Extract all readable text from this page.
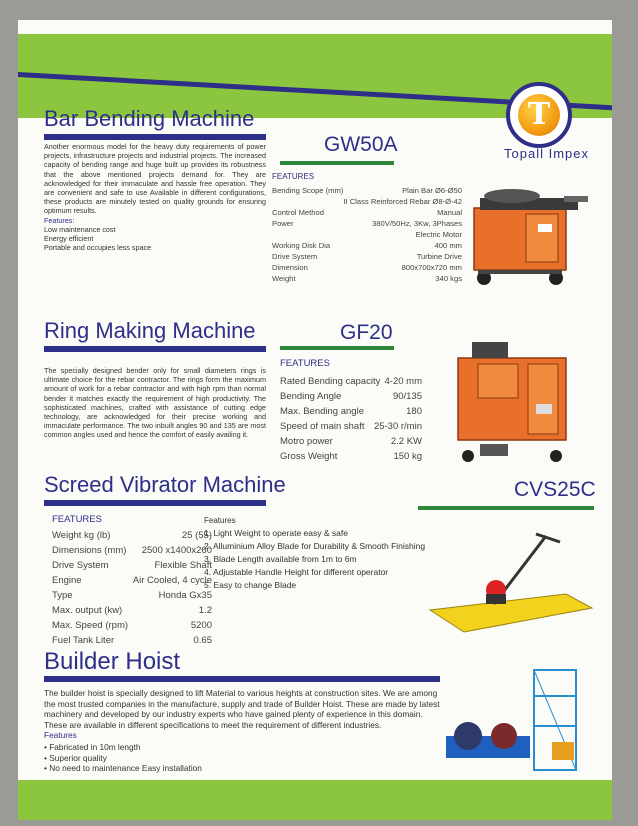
T
Topall Impex
Bar Bending Machine

Another enormous model for the heavy duty requirements of power projects, infrastructure projects and industrial projects. The increased capacity of bending range and huge built up provides its robustness that the above mentioned projects demand for. They are acknowledged for their immaculate and hassle free operation. They are convenient and safe to use Available in different configurations, these products are minutely tested on quality grounds for ensuring optimum results.

Features:
Low maintenance cost
Energy efficient
Portable and occupies less space
GW50A
FEATURES
Bending Scope (mm)	Plain Bar Ø6-Ø50
II Class Reinforced Rebar Ø8-Ø-42
Control Method	Manual
Power	380V/50Hz, 3Kw, 3Phases
Electric Motor
Working Disk Dia	400 mm
Drive System	Turbine Drive
Dimension	800x700x720 mm
Weight	340 kgs
Ring Making Machine

The specially designed bender only for small diameters rings is ultimate choice for the rebar contractor. The rings form the maximum amount of work for a rebar contractor and with high rpm than normal bender it matches exactly the requirement of high productivity. The sophisticated machines, crafted with assistance of cutting edge technology, are acknowledged for their precise working and immaculate performance. The two inbuilt angles 90 and 135 are most common angles used and hence the comfort of easily availing it.

GF20
FEATURES
Rated Bending capacity 4-20 mm
Bending Angle	90/135
Max. Bending angle	180
Speed of main shaft 25-30 r/min
Motro power	2.2 KW
Gross Weight	150 kg
Screed Vibrator Machine	CVS25C
FEATURES
Weight kg (lb)	25 (55)
Dimensions (mm) 2500 x1400x260
Drive System	Flexible Shaft
Engine	Air Cooled, 4 cycle
Type	Honda Gx35
Max. output (kw)	1.2
Max. Speed (rpm)	5200
Fuel Tank Liter	0.65
Features
1. Light Weight to operate easy & safe
2. Alluminium Alloy Blade for Durability & Smooth Finishing
3. Blade Length available from 1m to 6m
4. Adjustable Handle Height for different operator
5. Easy to change Blade
Builder Hoist
The builder hoist is specially designed to lift Material to various heights at construction sites. We are among the most trusted companies in the manufacture, supply and trade of Builder Hoist. These are made by latest machinery and developed by our industry experts who have gained plenty of experience in this domain. These are available in different specifications to meet the requirement of different industries.
Features
• Fabricated in 10m length
• Superior quality
• No need to maintenance Easy installation
